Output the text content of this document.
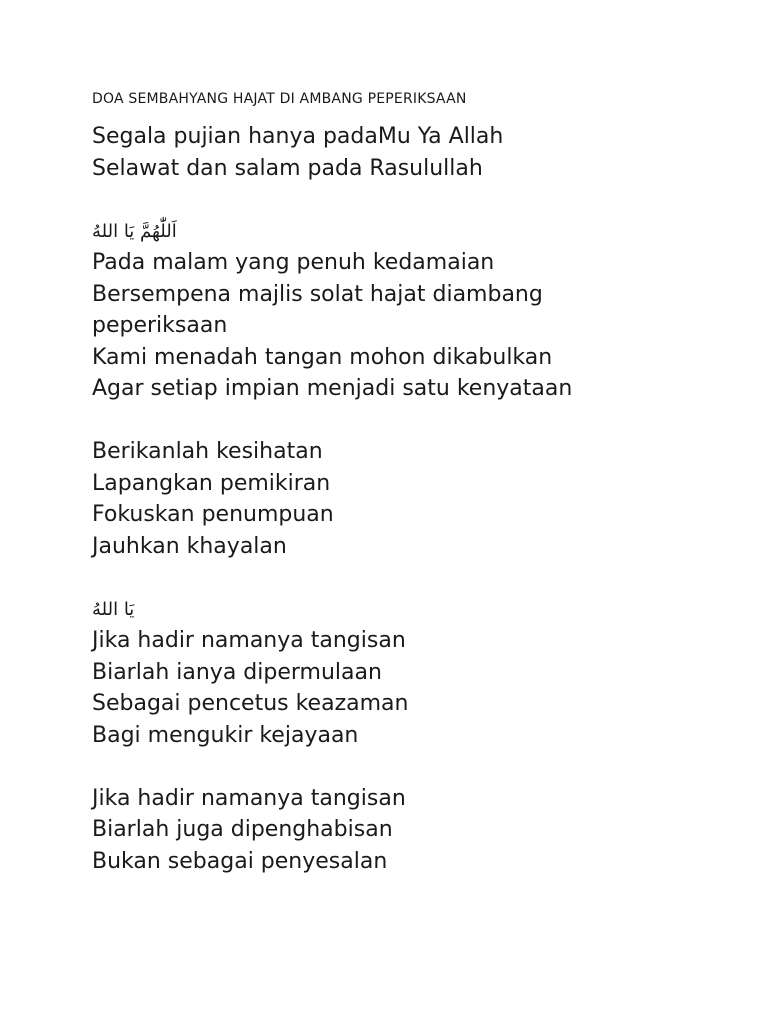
DOA SEMBAHYANG HAJAT DI AMBANG PEPERIKSAAN
Segala pujian hanya padaMu Ya Allah
Selawat dan salam pada Rasulullah
اَللّٰهُمَّ يَا اللهُ
Pada malam yang penuh kedamaian
Bersempena majlis solat hajat diambang
peperiksaan
Kami menadah tangan mohon dikabulkan
Agar setiap impian menjadi satu kenyataan
Berikanlah kesihatan
Lapangkan pemikiran
Fokuskan penumpuan
Jauhkan khayalan
يَا اللهُ
Jika hadir namanya tangisan
Biarlah ianya dipermulaan
Sebagai pencetus keazaman
Bagi mengukir kejayaan
Jika hadir namanya tangisan
Biarlah juga dipenghabisan
Bukan sebagai penyesalan
